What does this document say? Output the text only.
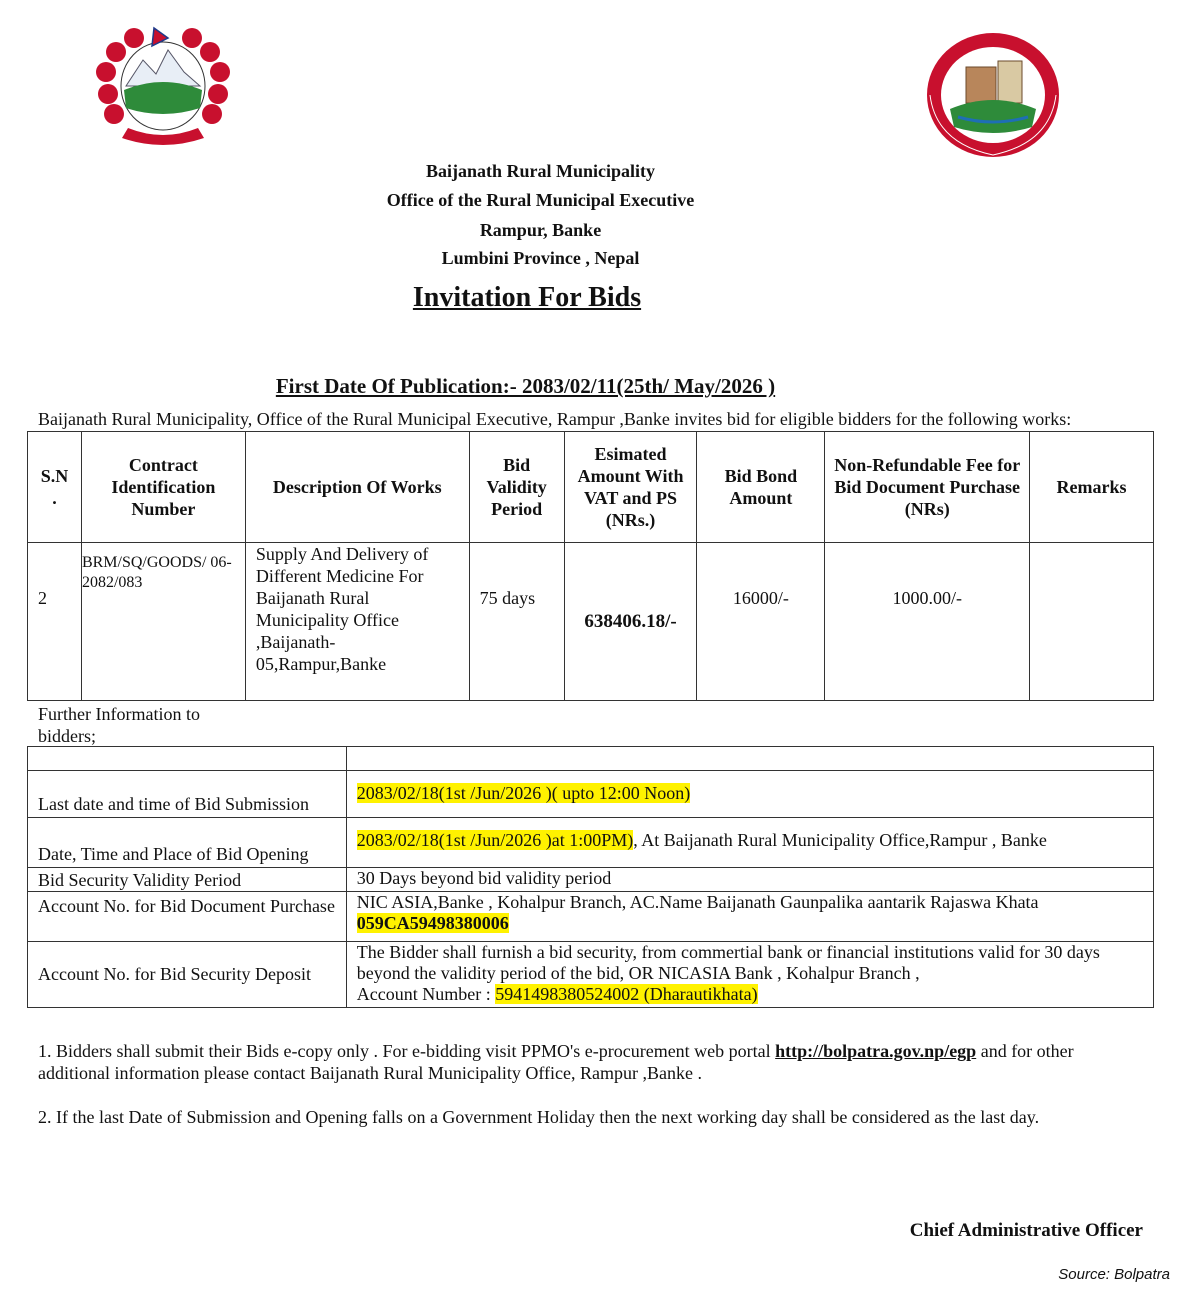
Baijanath Rural Municipality
Office of the Rural Municipal Executive
Rampur, Banke
Lumbini Province , Nepal
Invitation For Bids
First Date Of Publication:- 2083/02/11(25th/ May/2026 )
Baijanath Rural Municipality, Office of the Rural Municipal Executive, Rampur ,Banke invites bid for eligible bidders for the following works:
S.N
.	Contract Identification Number	Description Of Works	Bid Validity Period	Esimated Amount With VAT and PS (NRs.)	Bid Bond Amount	Non-Refundable Fee for Bid Document Purchase (NRs)	Remarks

2	BRM/SQ/GOODS/ 06-2082/083	Supply And Delivery of Different Medicine For Baijanath Rural Municipality Office ,Baijanath-05,Rampur,Banke	75 days	638406.18/-	16000/-	1000.00/-	

Further Information to bidders;

Last date and time of Bid Submission	2083/02/18(1st /Jun/2026 )( upto 12:00 Noon)
Date, Time and Place of Bid Opening	2083/02/18(1st /Jun/2026 )at 1:00PM), At Baijanath Rural Municipality Office,Rampur , Banke
Bid Security Validity Period	30 Days beyond bid validity period
Account No. for Bid Document Purchase	NIC ASIA,Banke , Kohalpur Branch, AC.Name Baijanath Gaunpalika aantarik Rajaswa Khata
059CA59498380006

Account No. for Bid Security Deposit	The Bidder shall furnish a bid security, from commertial bank or financial institutions valid for 30 days beyond the validity period of the bid, OR NICASIA Bank , Kohalpur Branch ,
Account Number : 5941498380524002 (Dharautikhata)
1. Bidders shall submit their Bids e-copy only . For e-bidding visit PPMO's e-procurement web portal http://bolpatra.gov.np/egp and for other additional information please contact Baijanath Rural Municipality Office, Rampur ,Banke .
2. If the last Date of Submission and Opening falls on a Government Holiday then the next working day shall be considered as the last day.
Chief Administrative Officer
Source: Bolpatra
